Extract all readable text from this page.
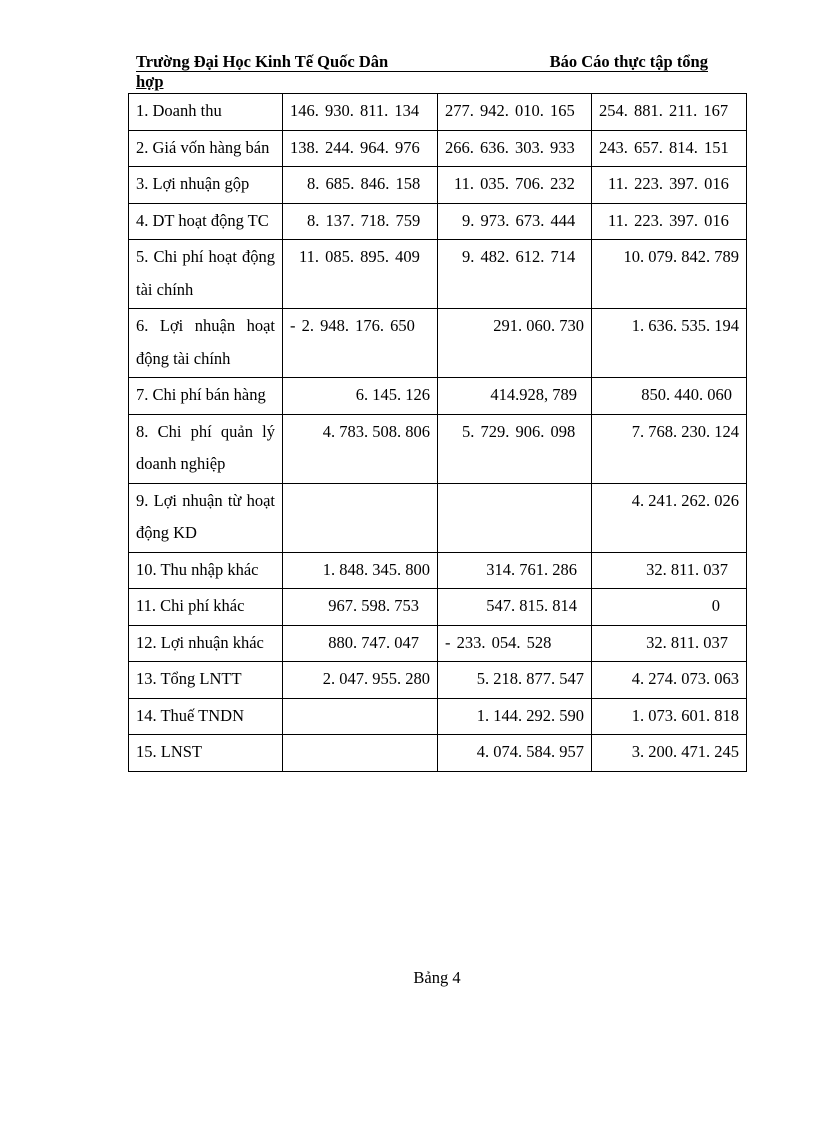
Trường Đại Học Kinh Tế Quốc Dân	Báo Cáo thực tập tổng
hợp
1. Doanh thu	146. 930. 811. 134	277. 942. 010. 165	254. 881. 211. 167
2. Giá vốn hàng bán	138. 244. 964. 976	266. 636. 303. 933	243. 657. 814. 151
3. Lợi nhuận gộp	8. 685. 846. 158	11. 035. 706. 232	11. 223. 397. 016
4. DT hoạt động TC	8. 137. 718. 759	9. 973. 673. 444	11. 223. 397. 016
5. Chi phí hoạt động tài chính	11. 085. 895. 409	9. 482. 612. 714	10. 079. 842. 789
6. Lợi nhuận hoạt động tài chính	- 2. 948. 176. 650	291. 060. 730	1. 636. 535. 194
7. Chi phí bán hàng	6. 145. 126	414.928, 789	850. 440. 060
8. Chi phí quản lý doanh nghiệp	4. 783. 508. 806	5. 729. 906. 098	7. 768. 230. 124
9. Lợi nhuận từ hoạt động KD			4. 241. 262. 026
10. Thu nhập khác	1. 848. 345. 800	314. 761. 286	32. 811. 037
11. Chi phí khác	967. 598. 753	547. 815. 814	0
12. Lợi nhuận khác	880. 747. 047	- 233. 054. 528	32. 811. 037
13. Tổng LNTT	2. 047. 955. 280	5. 218. 877. 547	4. 274. 073. 063
14. Thuế TNDN		1. 144. 292. 590	1. 073. 601. 818
15. LNST		4. 074. 584. 957	3. 200. 471. 245
Bảng 4
